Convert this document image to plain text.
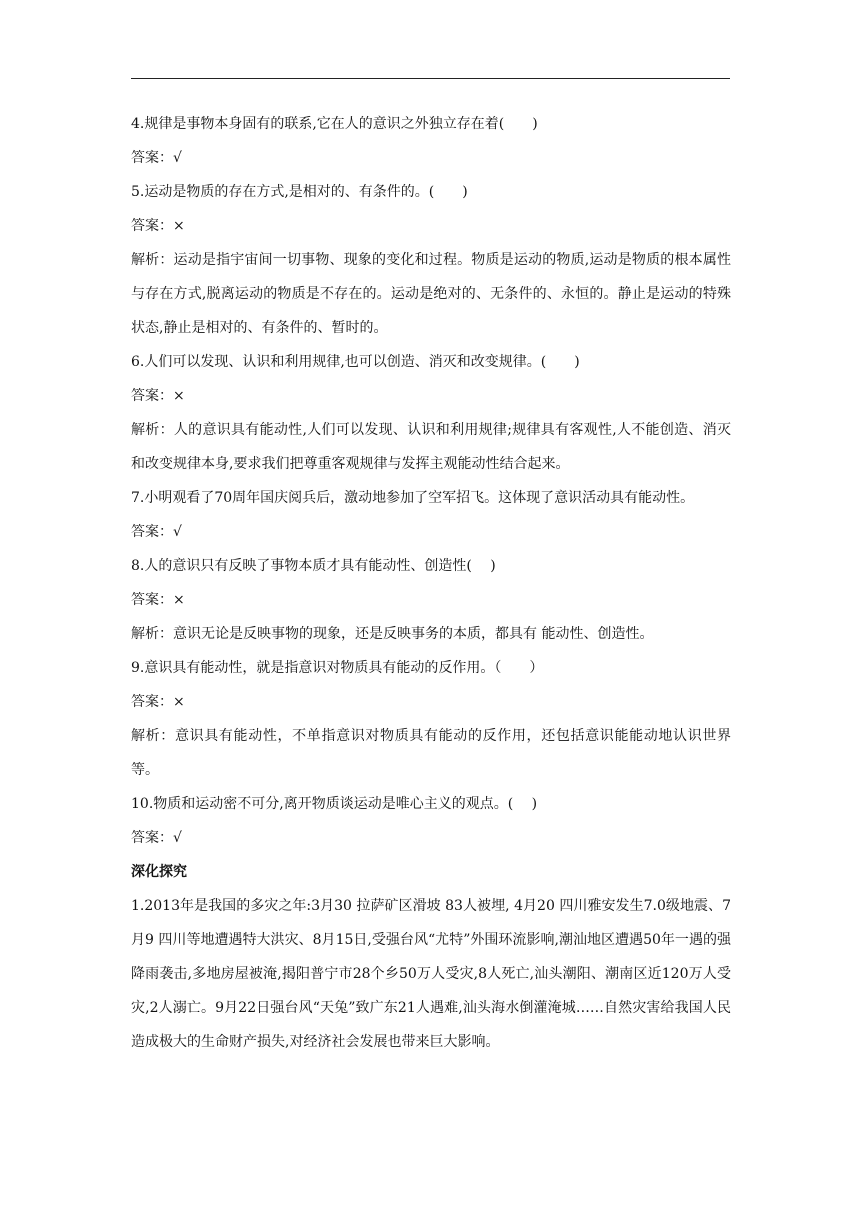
4.规律是事物本身固有的联系,它在人的意识之外独立存在着(　　)
答案：√
5.运动是物质的存在方式,是相对的、有条件的。(　　)
答案：×
解析：运动是指宇宙间一切事物、现象的变化和过程。物质是运动的物质,运动是物质的根本属性与存在方式,脱离运动的物质是不存在的。运动是绝对的、无条件的、永恒的。静止是运动的特殊状态,静止是相对的、有条件的、暂时的。
6.人们可以发现、认识和利用规律,也可以创造、消灭和改变规律。(　　)
答案：×
解析：人的意识具有能动性,人们可以发现、认识和利用规律;规律具有客观性,人不能创造、消灭和改变规律本身,要求我们把尊重客观规律与发挥主观能动性结合起来。
7.小明观看了70周年国庆阅兵后，激动地参加了空军招飞。这体现了意识活动具有能动性。
答案：√
8.人的意识只有反映了事物本质才具有能动性、创造性(　 )
答案：×
解析：意识无论是反映事物的现象，还是反映事务的本质，都具有 能动性、创造性。
9.意识具有能动性，就是指意识对物质具有能动的反作用。（　　）
答案：×
解析：意识具有能动性，不单指意识对物质具有能动的反作用，还包括意识能能动地认识世界等。
10.物质和运动密不可分,离开物质谈运动是唯心主义的观点。(　 )
答案：√
深化探究
1.2013年是我国的多灾之年:3月30 拉萨矿区滑坡 83人被埋, 4月20 四川雅安发生7.0级地震、7月9 四川等地遭遇特大洪灾、8月15日,受强台风“尤特”外围环流影响,潮汕地区遭遇50年一遇的强降雨袭击,多地房屋被淹,揭阳普宁市28个乡50万人受灾,8人死亡,汕头潮阳、潮南区近120万人受灾,2人溺亡。9月22日强台风“天兔”致广东21人遇难,汕头海水倒灌淹城……自然灾害给我国人民造成极大的生命财产损失,对经济社会发展也带来巨大影响。
